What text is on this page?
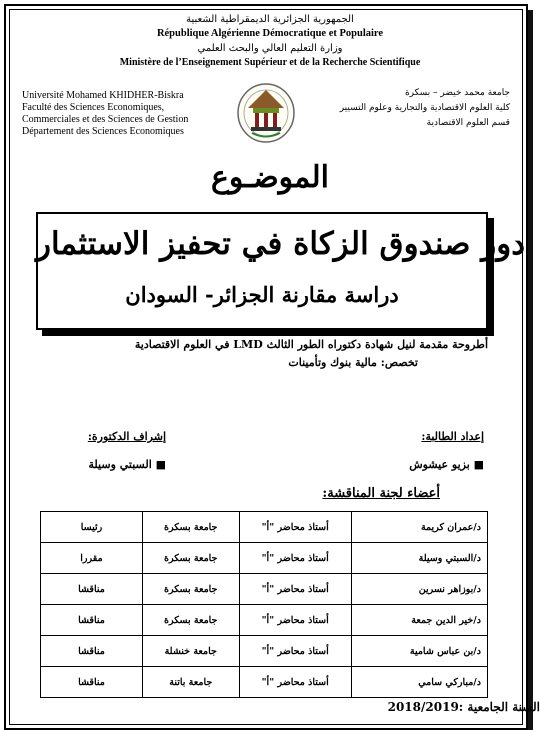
الجمهورية الجزائرية الديمقراطية الشعبية
République Algérienne Démocratique et Populaire
وزارة التعليم العالي والبحث العلمي
Ministère de l’Enseignement Supérieur et de la Recherche Scientifique
Université Mohamed KHIDHER-Biskra
Faculté des Sciences Economiques,
Commerciales et des Sciences de Gestion
Département des Sciences Economiques
جامعة محمد خيضر – بسكرة
كلية العلوم الاقتصادية والتجارية وعلوم التسيير
قسم العلوم الاقتصادية
الموضـوع
دور صندوق الزكاة في تحفيز الاستثمار
دراسة مقارنة الجزائر- السودان
أطروحة مقدمة لنيل شهادة دكتوراه الطور الثالث LMD في العلوم الاقتصادية
تخصص: مالية بنوك وتأمينات
إعداد الطالبة:
■ بزيو عيشوش
إشراف الدكتورة:
■ السبتي وسيلة
أعضاء لجنة المناقشة:
د/عمران كريمة	أستاذ محاضر "أ"	جامعة بسكرة	رئيسا
د/السبتي وسيلة	أستاذ محاضر "أ"	جامعة بسكرة	مقررا
د/بوزاهر نسرين	أستاذ محاضر "أ"	جامعة بسكرة	مناقشا
د/خير الدين جمعة	أستاذ محاضر "أ"	جامعة بسكرة	مناقشا
د/بن عباس شامية	أستاذ محاضر "أ"	جامعة خنشلة	مناقشا
د/مباركي سامي	أستاذ محاضر "أ"	جامعة باتنة	مناقشا
السنة الجامعية :2018/2019
